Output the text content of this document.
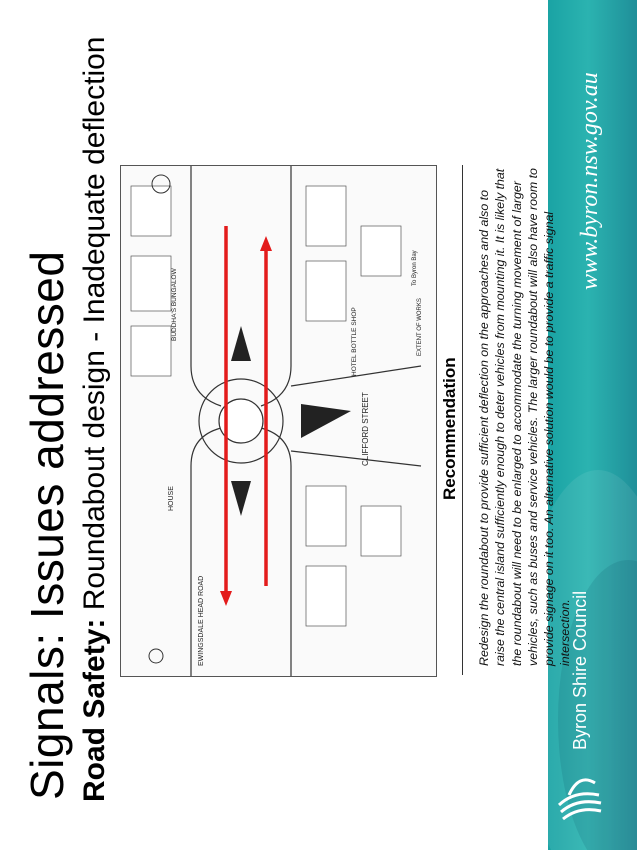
www.byron.nsw.gov.au
Byron Shire Council
Signals: Issues addressed Road Safety: Roundabout design - Inadequate deflection	CLIFFORD STREET
EWINGSDALE HEAD ROAD
HOUSE
BUDDHA'S BUNGALOW
HOTEL BOTTLE SHOP
To Byron Bay
EXTENT OF WORKS
Recommendation Redesign the roundabout to provide sufficient deflection on the approaches and also to raise the central island sufficiently enough to deter vehicles from mounting it. It is likely that the roundabout will need to be enlarged to accommodate the turning movement of larger vehicles, such as buses and service vehicles. The larger roundabout will also have room to provide signage on it too. An alternative solution would be to provide a traffic signal intersection.
